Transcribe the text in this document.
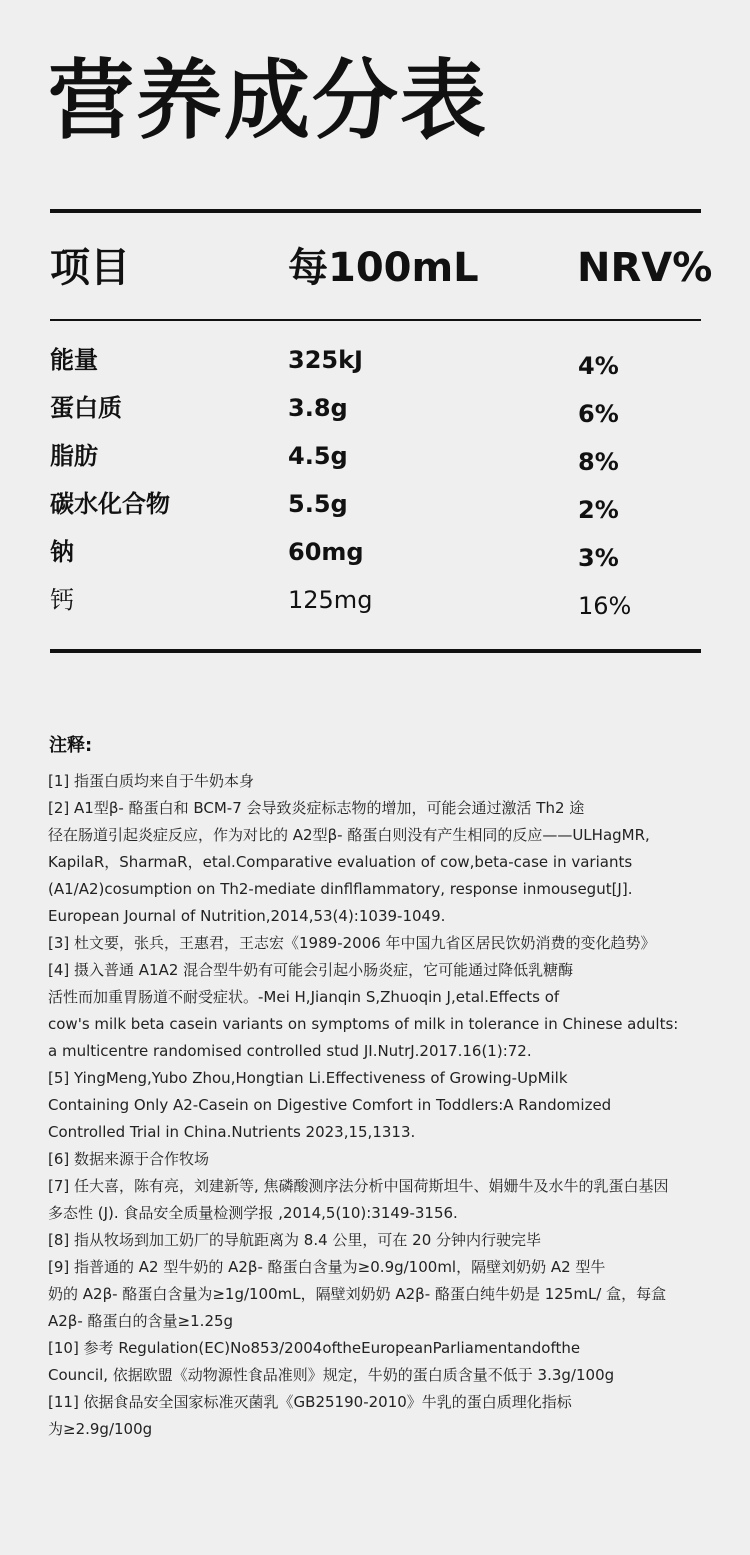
营养成分表
项目	每100mL NRV%
能量	325kJ	4%
蛋白质	3.8g	6%
脂肪	4.5g	8%
碳水化合物	5.5g	2%
钠	60mg	3%
钙	125mg	16%
注释:
[1] 指蛋白质均来自于牛奶本身
[2] A1型β- 酪蛋白和 BCM-7 会导致炎症标志物的增加，可能会通过激活 Th2 途
径在肠道引起炎症反应，作为对比的 A2型β- 酪蛋白则没有产生相同的反应——ULHagMR,
KapilaR，SharmaR，etal.Comparative evaluation of cow,beta-case in variants
(A1/A2)cosumption on Th2-mediate dinflflammatory, response inmousegut[J].
European Journal of Nutrition,2014,53(4):1039-1049.
[3] 杜文要，张兵，王惠君，王志宏《1989-2006 年中国九省区居民饮奶消费的变化趋势》
[4] 摄入普通 A1A2 混合型牛奶有可能会引起小肠炎症，它可能通过降低乳糖酶
活性而加重胃肠道不耐受症状。-Mei H,Jianqin S,Zhuoqin J,etal.Effects of
cow's milk beta casein variants on symptoms of milk in tolerance in Chinese adults:
a multicentre randomised controlled stud JI.NutrJ.2017.16(1):72.
[5] YingMeng,Yubo Zhou,Hongtian Li.Effectiveness of Growing-UpMilk
Containing Only A2-Casein on Digestive Comfort in Toddlers:A Randomized
Controlled Trial in China.Nutrients 2023,15,1313.
[6] 数据来源于合作牧场
[7] 任大喜，陈有亮，刘建新等, 焦磷酸测序法分析中国荷斯坦牛、娟姗牛及水牛的乳蛋白基因
多态性 (J). 食品安全质量检测学报 ,2014,5(10):3149-3156.
[8] 指从牧场到加工奶厂的导航距离为 8.4 公里，可在 20 分钟内行驶完毕
[9] 指普通的 A2 型牛奶的 A2β- 酪蛋白含量为≥0.9g/100ml，隔壁刘奶奶 A2 型牛
奶的 A2β- 酪蛋白含量为≥1g/100mL，隔壁刘奶奶 A2β- 酪蛋白纯牛奶是 125mL/ 盒，每盒
A2β- 酪蛋白的含量≥1.25g
[10] 参考 Regulation(EC)No853/2004oftheEuropeanParliamentandofthe
Council, 依据欧盟《动物源性食品准则》规定，牛奶的蛋白质含量不低于 3.3g/100g
[11] 依据食品安全国家标准灭菌乳《GB25190-2010》牛乳的蛋白质理化指标
为≥2.9g/100g
